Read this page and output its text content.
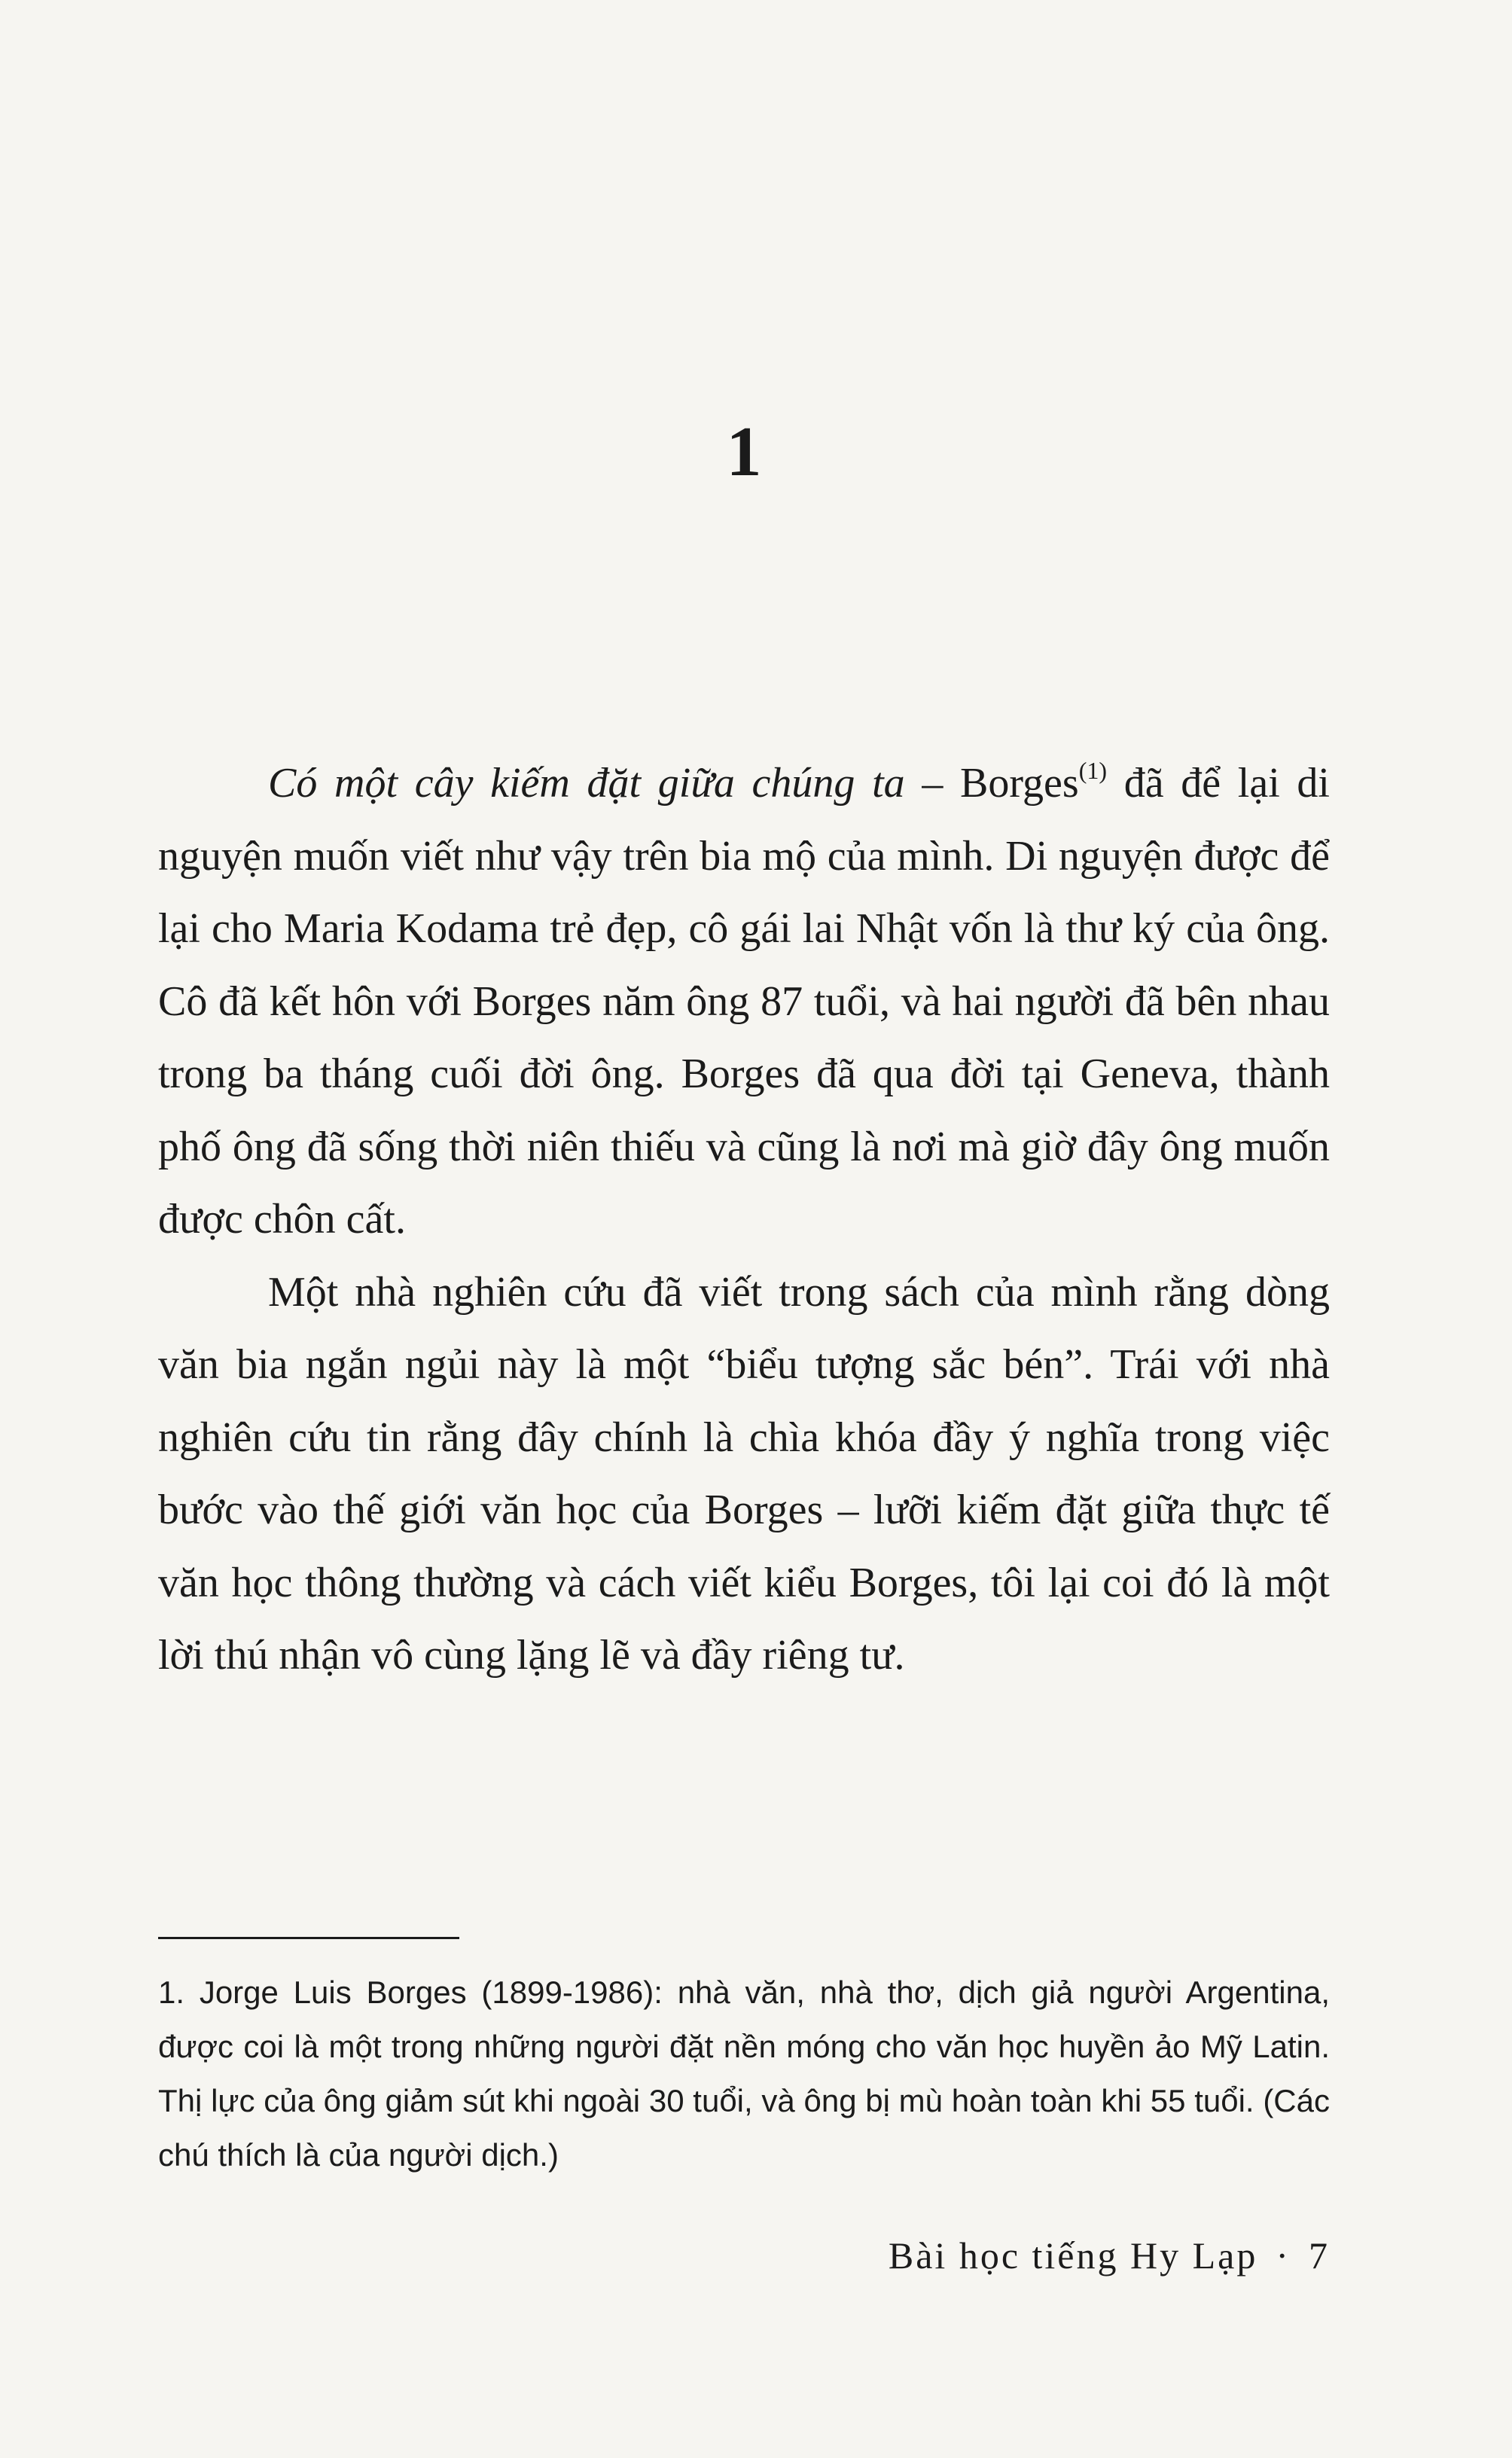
1

Có một cây kiếm đặt giữa chúng ta – Borges$^{(1)}$ đã để lại di nguyện muốn viết như vậy trên bia mộ của mình. Di nguyện được để lại cho Maria Kodama trẻ đẹp, cô gái lai Nhật vốn là thư ký của ông. Cô đã kết hôn với Borges năm ông 87 tuổi, và hai người đã bên nhau trong ba tháng cuối đời ông. Borges đã qua đời tại Geneva, thành phố ông đã sống thời niên thiếu và cũng là nơi mà giờ đây ông muốn được chôn cất.

Một nhà nghiên cứu đã viết trong sách của mình rằng dòng văn bia ngắn ngủi này là một “biểu tượng sắc bén”. Trái với nhà nghiên cứu tin rằng đây chính là chìa khóa đầy ý nghĩa trong việc bước vào thế giới văn học của Borges – lưỡi kiếm đặt giữa thực tế văn học thông thường và cách viết kiểu Borges, tôi lại coi đó là một lời thú nhận vô cùng lặng lẽ và đầy riêng tư.

1. Jorge Luis Borges (1899-1986): nhà văn, nhà thơ, dịch giả người Argentina, được coi là một trong những người đặt nền móng cho văn học huyền ảo Mỹ Latin. Thị lực của ông giảm sút khi ngoài 30 tuổi, và ông bị mù hoàn toàn khi 55 tuổi. (Các chú thích là của người dịch.)

Bài học tiếng Hy Lạp · 7
